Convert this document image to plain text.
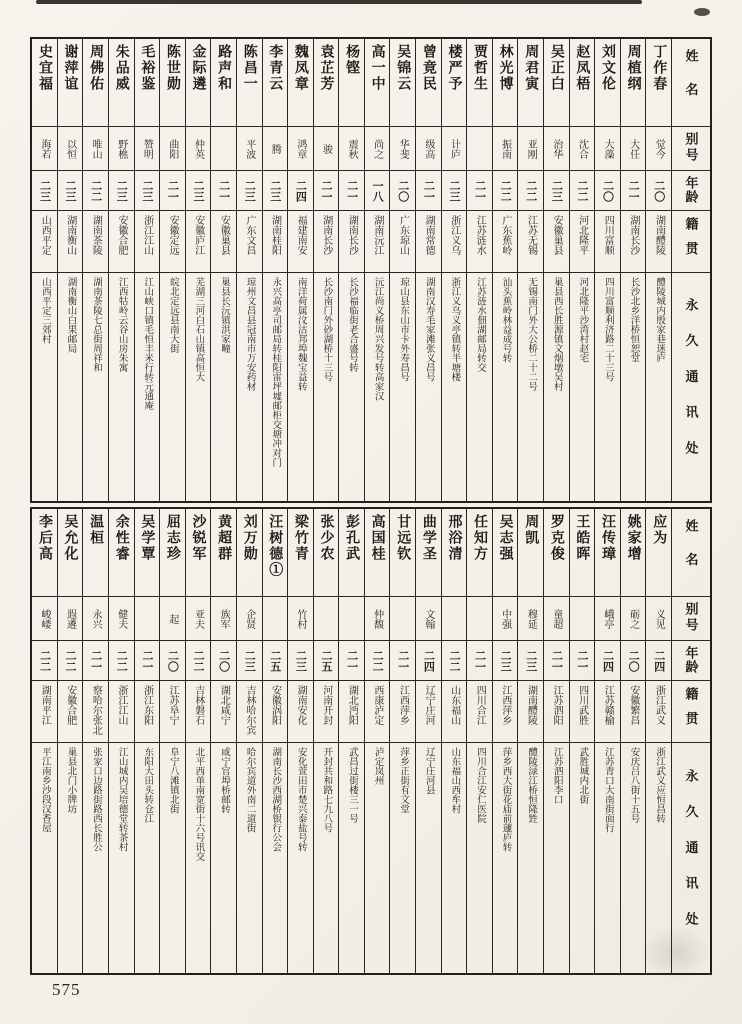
姓名
别号
年龄
籍贯
永久通讯处
丁作春
觉今
二〇
湖南醴陵
醴陵城内殷家巷迷庐
周植纲
大任
二一
湖南长沙
长沙北乡洋桥恒恕堂
刘文伦
大藻
二〇
四川富顺
四川富顺利济路二十三号
赵凤梧
沈合
二二
河北隆平
河北隆平沙湾村赵宅
吴正白
治华
二三
安徽巢县
巢县西长胜源镇文烟墩吴村
周君寅
亚刚
二二
江苏无锡
无锡南门外大公桥二十二号
林光博
振南
二二
广东蕉岭
汕头蕉岭林益成号转
贾哲生
二一
江苏涟水
江苏涟水佃湖邮局转交
楼严予
计庐
二三
浙江义乌
浙江义乌义亭镇转半塘楼
曾竟民
级高
二一
湖南常德
湖南汉寿毛家滩张义昌号
吴锦云
华斐
二〇
广东琼山
琼山县东山市卡外寿昌号
高一中
尚之
一八
湖南沅江
沅江尚义桥周兴发号转高家汉
杨铿
震秋
二一
湖南长沙
长沙福临街老合盛号转
袁芷芳
骏
二一
湖南长沙
长沙南门外砂湖桥十三号
魏凤章
鸿章
二四
福建南安
南洋荷属汶沽邦埠魏宝益转
李青云
腾
二三
湖南桂阳
永兴高亭司邮局转桂阳雷坪墟邮柜交塘冲对门
陈昌一
平波
二三
广东文昌
琼州文昌县冠南市万安药材
路声和
二一
安徽巢县
巢县长沅镇洪家疃
金际遴
仲英
二三
安徽庐江
芜湖三河白石山镇高恒大
陈世勋
曲阳
二一
安徽定远
皖北定远县南大街
毛裕鉴
赞明
二三
浙江江山
江山峡口镇毛恒丰米行转元通庵
朱品威
野樵
二三
安徽合肥
江西牯岭云谷山房朱寓
周佛佑
唯山
二二
湖南茶陵
湖南茶陵七总街周祥和
谢萍谊
以恒
二三
湖南衡山
湖南衡山白果邮局
史宜福
海若
二三
山西平定
山西平定三郊村
姓名
别号
年龄
籍贯
永久通讯处
应为
义见
二四
浙江武义
浙江武义应恒昌转
姚家增
砺之
二〇
安徽繁昌
安庆吕八街十五号
汪传璋
峨亭
二四
江苏赣榆
江苏青口大南街面行
王皓晖
二一
四川武胜
武胜城内北街
罗克俊
童超
二一
江苏泗阳
江苏泗阳李口
周凯
穆延
二三
湖南醴陵
醴陵渌江桥恒隆甡
吴志强
中强
二三
江西萍乡
萍乡西大街花庙前蘧庐转
任知方
二一
四川合江
四川合江安仁医院
邢浴清
二二
山东福山
山东福山西牟村
曲学圣
文翰
二四
辽宁庄河
辽宁庄河县
甘远钦
二一
江西萍乡
萍乡正街有文堂
高国桂
仲馥
二二
西康泸定
泸定岚州
彭孔武
二一
湖北沔阳
武昌过街楼三一号
张少农
二五
河南开封
开封共和路七九八号
梁竹青
竹村
二三
湖南安化
安化萱田市楚兴泰盐号转
汪树德①
二五
安徽涡阳
湖南长沙西湖桥银行公会
刘万勋
企贤
二三
吉林哈尔宾
哈尔宾道外南二道街
黄超群
族军
二〇
湖北咸宁
咸宁官埠桥邮转
沙锐军
亚夫
二二
吉林磐石
北平西单南宽街十六号讯交
屈志珍
起
二〇
江苏阜宁
阜宁八滩镇北街
吴学覃
二一
浙江东阳
东阳大田头转仓江
余性睿
健夫
二二
浙江江山
江山城内吴培德堂转茶村
温桓
永兴
二一
察哈尔张北
张家口边路街路西长胜公
吴允化
遐遴
二二
安徽合肥
巢县北门小牌坊
李后高
峻嵝
二二
湖南平江
平江南乡沙段汉香屋
575
